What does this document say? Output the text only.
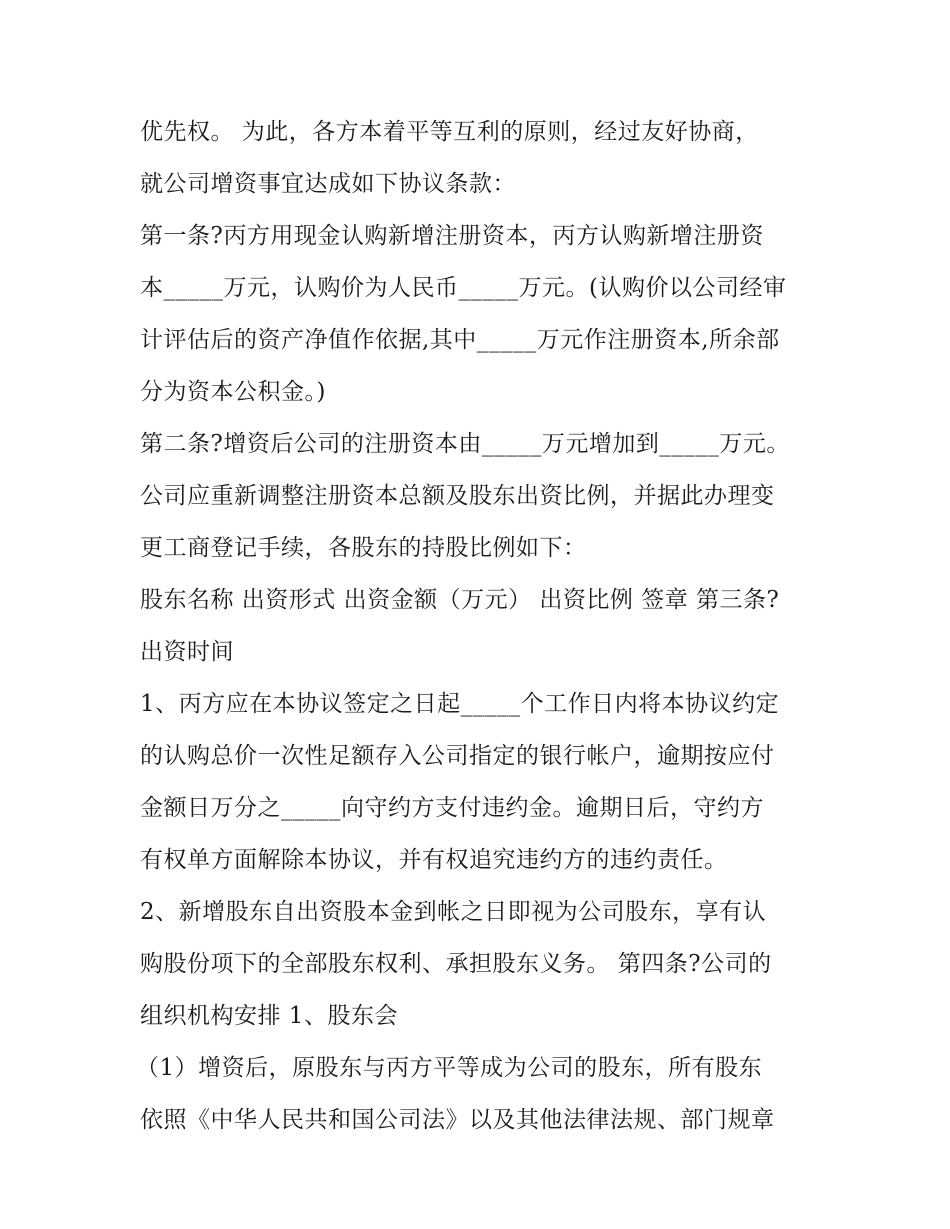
优先权。 为此，各方本着平等互利的原则，经过友好协商，
就公司增资事宜达成如下协议条款：
第一条?丙方用现金认购新增注册资本，丙方认购新增注册资
本_____万元，认购价为人民币_____万元。(认购价以公司经审
计评估后的资产净值作依据,其中_____万元作注册资本,所余部
分为资本公积金。)
第二条?增资后公司的注册资本由_____万元增加到_____万元。
公司应重新调整注册资本总额及股东出资比例，并据此办理变
更工商登记手续，各股东的持股比例如下：
股东名称 出资形式 出资金额（万元） 出资比例 签章 第三条?
出资时间
1、丙方应在本协议签定之日起_____个工作日内将本协议约定
的认购总价一次性足额存入公司指定的银行帐户，逾期按应付
金额日万分之_____向守约方支付违约金。逾期日后，守约方
有权单方面解除本协议，并有权追究违约方的违约责任。
2、新增股东自出资股本金到帐之日即视为公司股东，享有认
购股份项下的全部股东权利、承担股东义务。 第四条?公司的
组织机构安排 1、股东会
（1）增资后，原股东与丙方平等成为公司的股东，所有股东
依照《中华人民共和国公司法》以及其他法律法规、部门规章
